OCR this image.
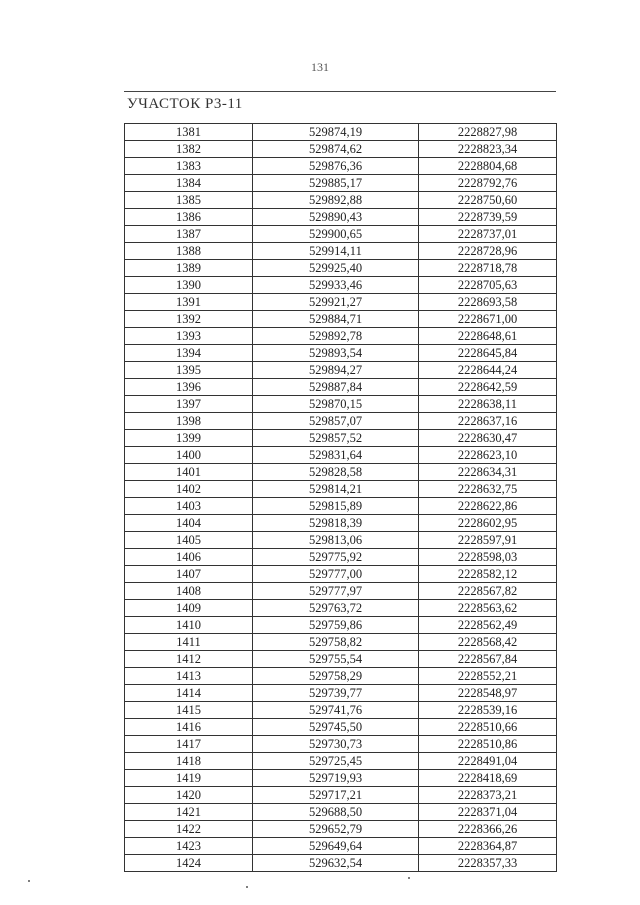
131
УЧАСТОК Р3-11
1381	529874,19	2228827,98
1382	529874,62	2228823,34
1383	529876,36	2228804,68
1384	529885,17	2228792,76
1385	529892,88	2228750,60
1386	529890,43	2228739,59
1387	529900,65	2228737,01
1388	529914,11	2228728,96
1389	529925,40	2228718,78
1390	529933,46	2228705,63
1391	529921,27	2228693,58
1392	529884,71	2228671,00
1393	529892,78	2228648,61
1394	529893,54	2228645,84
1395	529894,27	2228644,24
1396	529887,84	2228642,59
1397	529870,15	2228638,11
1398	529857,07	2228637,16
1399	529857,52	2228630,47
1400	529831,64	2228623,10
1401	529828,58	2228634,31
1402	529814,21	2228632,75
1403	529815,89	2228622,86
1404	529818,39	2228602,95
1405	529813,06	2228597,91
1406	529775,92	2228598,03
1407	529777,00	2228582,12
1408	529777,97	2228567,82
1409	529763,72	2228563,62
1410	529759,86	2228562,49
1411	529758,82	2228568,42
1412	529755,54	2228567,84
1413	529758,29	2228552,21
1414	529739,77	2228548,97
1415	529741,76	2228539,16
1416	529745,50	2228510,66
1417	529730,73	2228510,86
1418	529725,45	2228491,04
1419	529719,93	2228418,69
1420	529717,21	2228373,21
1421	529688,50	2228371,04
1422	529652,79	2228366,26
1423	529649,64	2228364,87
1424	529632,54	2228357,33
